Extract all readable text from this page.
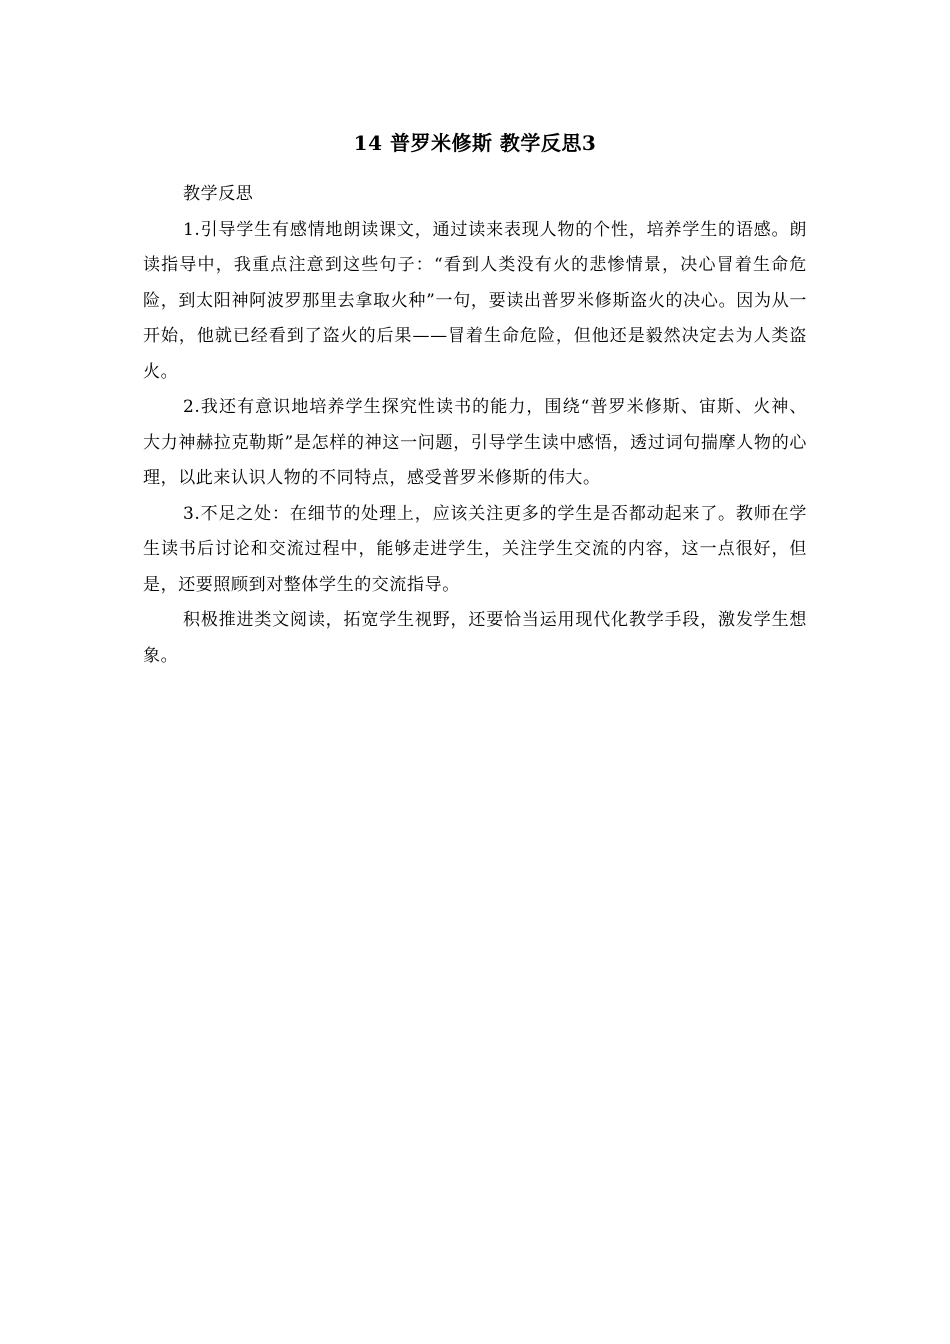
14 普罗米修斯 教学反思3

教学反思

1.引导学生有感情地朗读课文，通过读来表现人物的个性，培养学生的语感。朗读指导中，我重点注意到这些句子：“看到人类没有火的悲惨情景，决心冒着生命危险，到太阳神阿波罗那里去拿取火种”一句，要读出普罗米修斯盗火的决心。因为从一开始，他就已经看到了盗火的后果——冒着生命危险，但他还是毅然决定去为人类盗火。

2.我还有意识地培养学生探究性读书的能力，围绕“普罗米修斯、宙斯、火神、大力神赫拉克勒斯”是怎样的神这一问题，引导学生读中感悟，透过词句揣摩人物的心理，以此来认识人物的不同特点，感受普罗米修斯的伟大。

3.不足之处：在细节的处理上，应该关注更多的学生是否都动起来了。教师在学生读书后讨论和交流过程中，能够走进学生，关注学生交流的内容，这一点很好，但是，还要照顾到对整体学生的交流指导。

积极推进类文阅读，拓宽学生视野，还要恰当运用现代化教学手段，激发学生想象。
